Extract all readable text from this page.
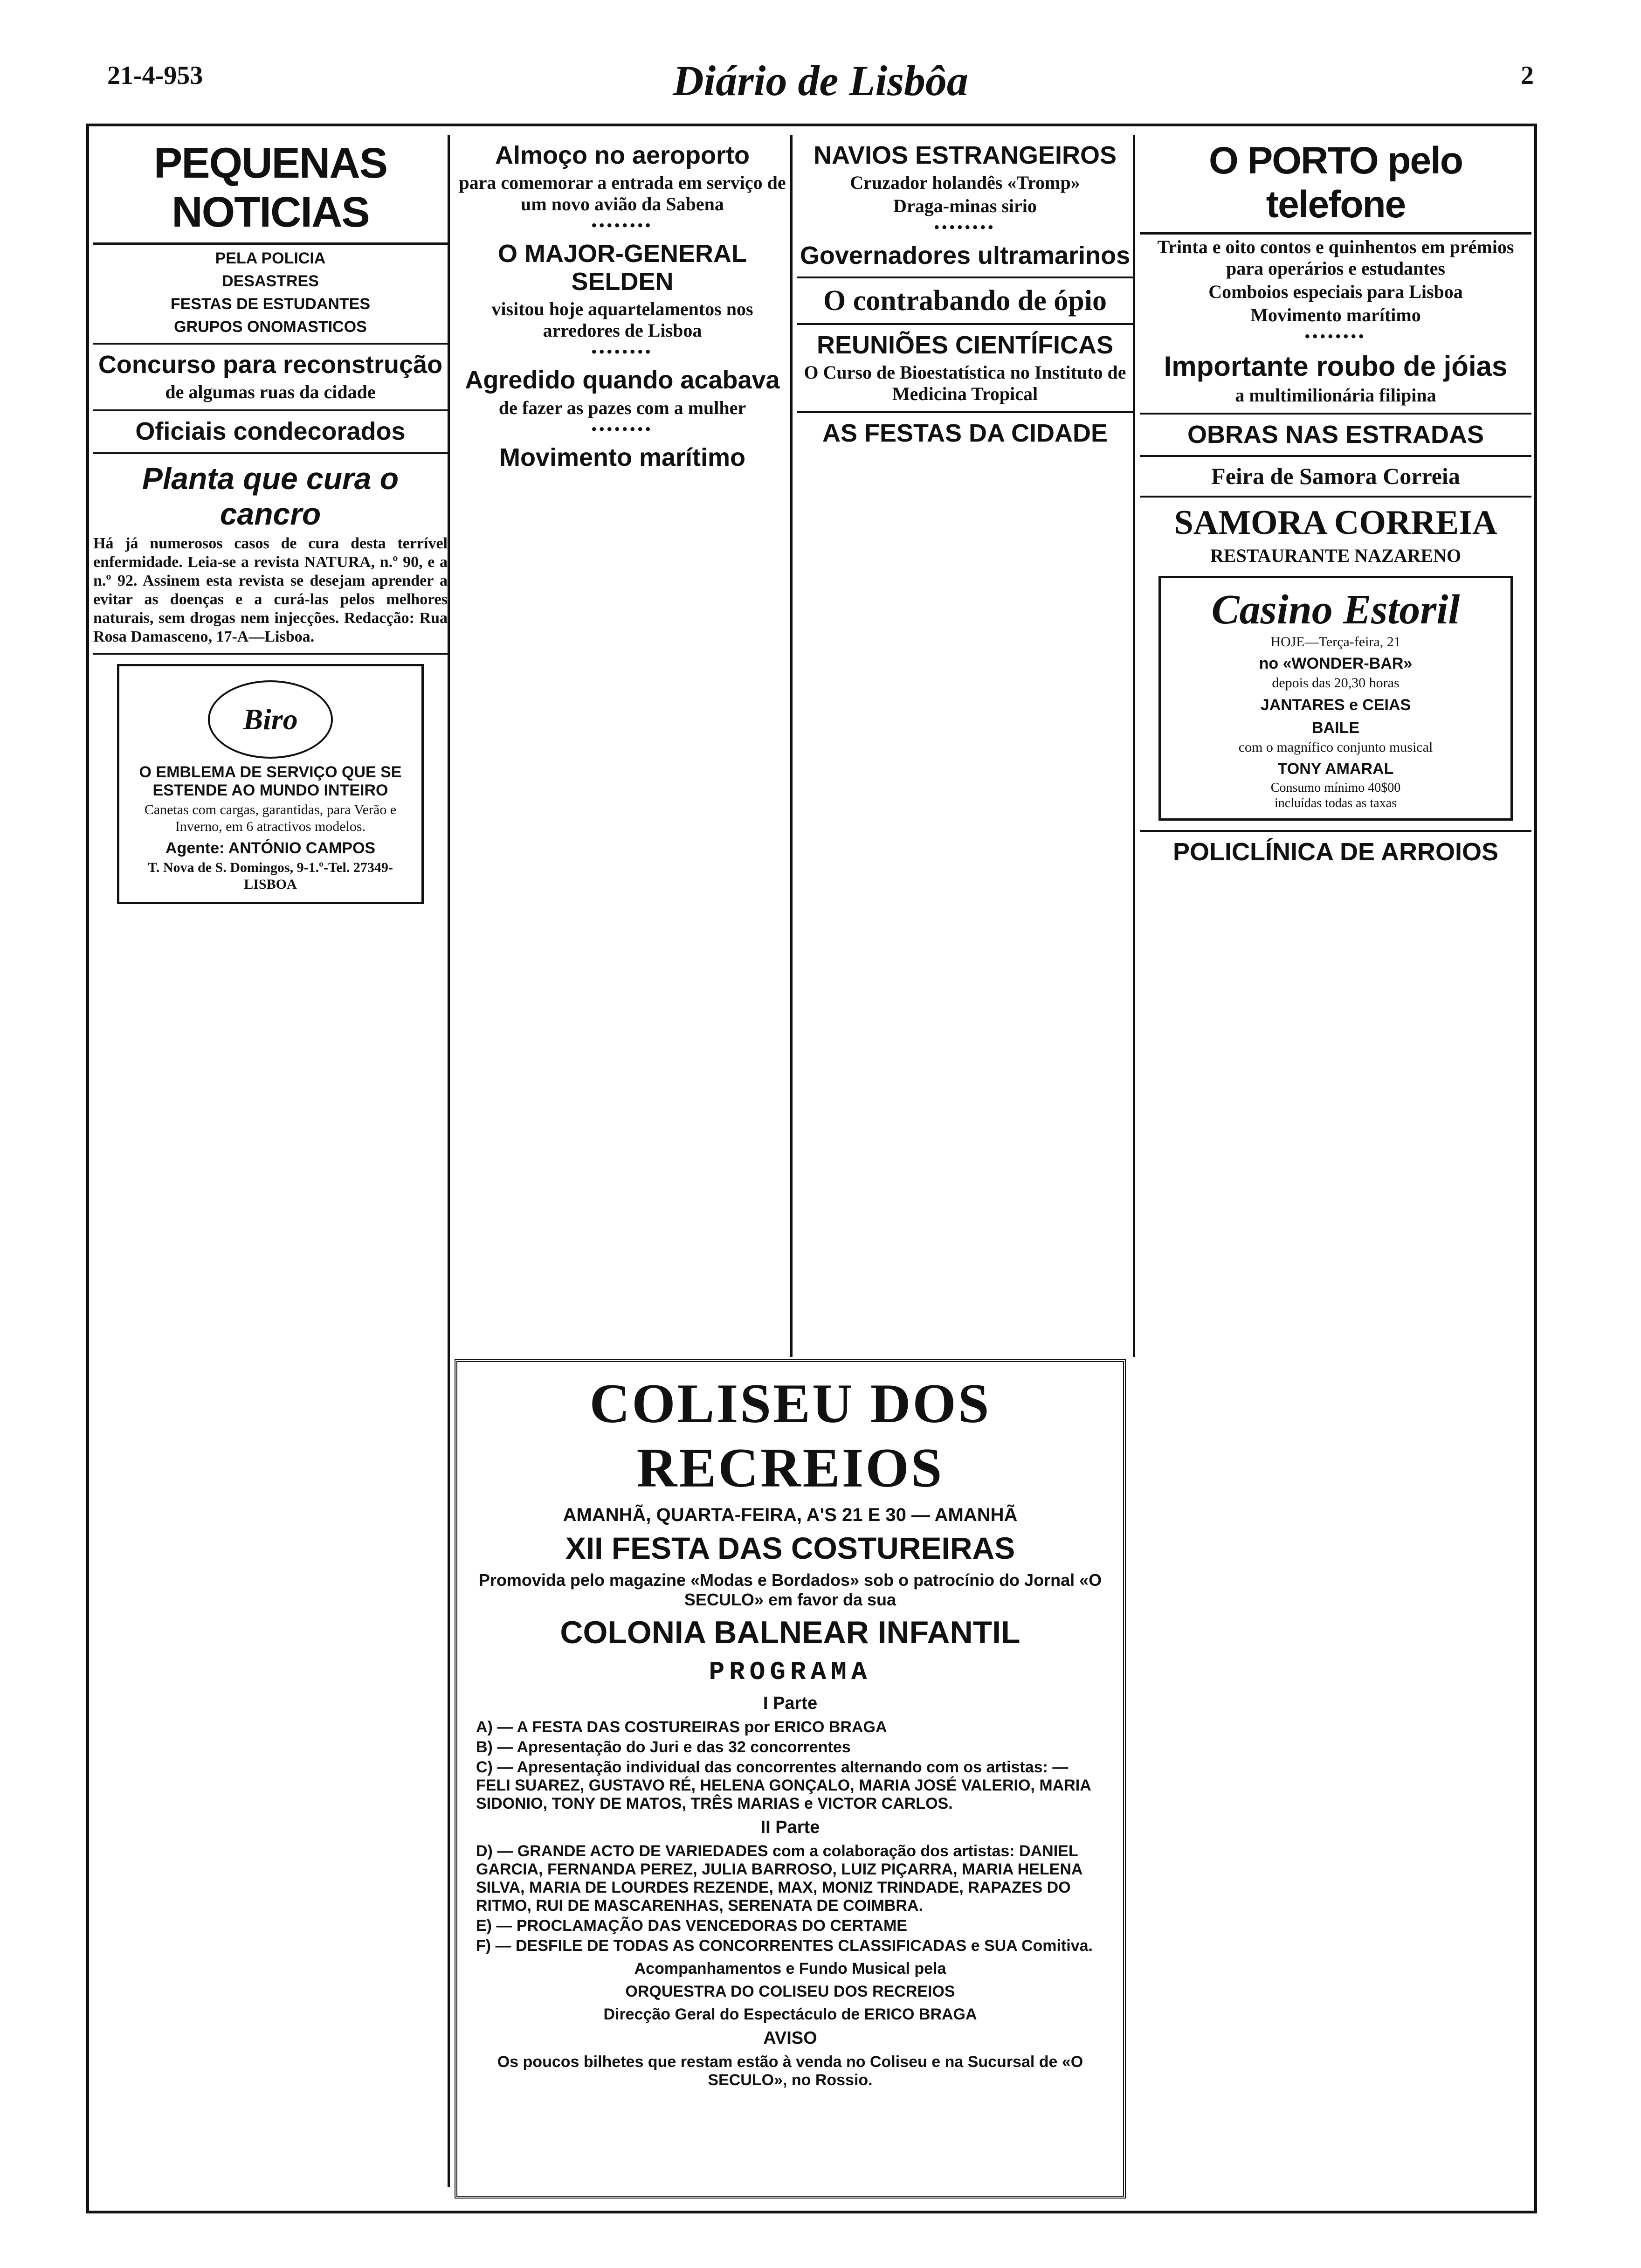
21-4-953	Diário de Lisbôa	2
PEQUENAS NOTICIAS
PELA POLICIA
DESASTRES
FESTAS DE ESTUDANTES
GRUPOS ONOMASTICOS
Concurso para reconstrução
de algumas ruas da cidade
Oficiais condecorados
Planta que cura o cancro
Há já numerosos casos de cura desta terrível enfermidade. Leia-se a revista NATURA, n.º 90, e a n.º 92. Assinem esta revista se desejam aprender a evitar as doenças e a curá-las pelos melhores naturais, sem drogas nem injecções. Redacção: Rua Rosa Damasceno, 17-A—Lisboa.
Biro
O EMBLEMA DE SERVIÇO QUE SE ESTENDE AO MUNDO INTEIRO
Canetas com cargas, garantidas, para Verão e Inverno, em 6 atractivos modelos.
Agente: ANTÓNIO CAMPOS
T. Nova de S. Domingos, 9-1.º-Tel. 27349-LISBOA
Almoço no aeroporto
para comemorar a entrada em serviço de um novo avião da Sabena
••••••••
O MAJOR-GENERAL SELDEN
visitou hoje aquartelamentos nos arredores de Lisboa
••••••••
Agredido quando acabava
de fazer as pazes com a mulher
••••••••
Movimento marítimo
NAVIOS ESTRANGEIROS
Cruzador holandês «Tromp»
Draga-minas sirio
••••••••
Governadores ultramarinos
O contrabando de ópio
REUNIÕES CIENTÍFICAS
O Curso de Bioestatística no Instituto de Medicina Tropical
AS FESTAS DA CIDADE
O PORTO pelo telefone
Trinta e oito contos e quinhentos em prémios para operários e estudantes
Comboios especiais para Lisboa
Movimento marítimo
••••••••
Importante roubo de jóias
a multimilionária filipina
OBRAS NAS ESTRADAS
Feira de Samora Correia
SAMORA CORREIA
RESTAURANTE NAZARENO
Casino Estoril
HOJE—Terça-feira, 21
no «WONDER-BAR»
depois das 20,30 horas
JANTARES e CEIAS
BAILE
com o magnífico conjunto musical
TONY AMARAL
Consumo mínimo 40$00
incluídas todas as taxas
POLICLÍNICA DE ARROIOS
COLISEU DOS RECREIOS
AMANHÃ, QUARTA-FEIRA, A'S 21 E 30 — AMANHÃ
XII FESTA DAS COSTUREIRAS
Promovida pelo magazine «Modas e Bordados» sob o patrocínio do Jornal «O SECULO» em favor da sua
COLONIA BALNEAR INFANTIL
PROGRAMA
I Parte
A) — A FESTA DAS COSTUREIRAS por ERICO BRAGA
B) — Apresentação do Juri e das 32 concorrentes
C) — Apresentação individual das concorrentes alternando com os artistas: — FELI SUAREZ, GUSTAVO RÉ, HELENA GONÇALO, MARIA JOSÉ VALERIO, MARIA SIDONIO, TONY DE MATOS, TRÊS MARIAS e VICTOR CARLOS.
II Parte
D) — GRANDE ACTO DE VARIEDADES com a colaboração dos artistas: DANIEL GARCIA, FERNANDA PEREZ, JULIA BARROSO, LUIZ PIÇARRA, MARIA HELENA SILVA, MARIA DE LOURDES REZENDE, MAX, MONIZ TRINDADE, RAPAZES DO RITMO, RUI DE MASCARENHAS, SERENATA DE COIMBRA.
E) — PROCLAMAÇÃO DAS VENCEDORAS DO CERTAME
F) — DESFILE DE TODAS AS CONCORRENTES CLASSIFICADAS e SUA Comitiva.
Acompanhamentos e Fundo Musical pela
ORQUESTRA DO COLISEU DOS RECREIOS
Direcção Geral do Espectáculo de ERICO BRAGA
AVISO
Os poucos bilhetes que restam estão à venda no Coliseu e na Sucursal de «O SECULO», no Rossio.
